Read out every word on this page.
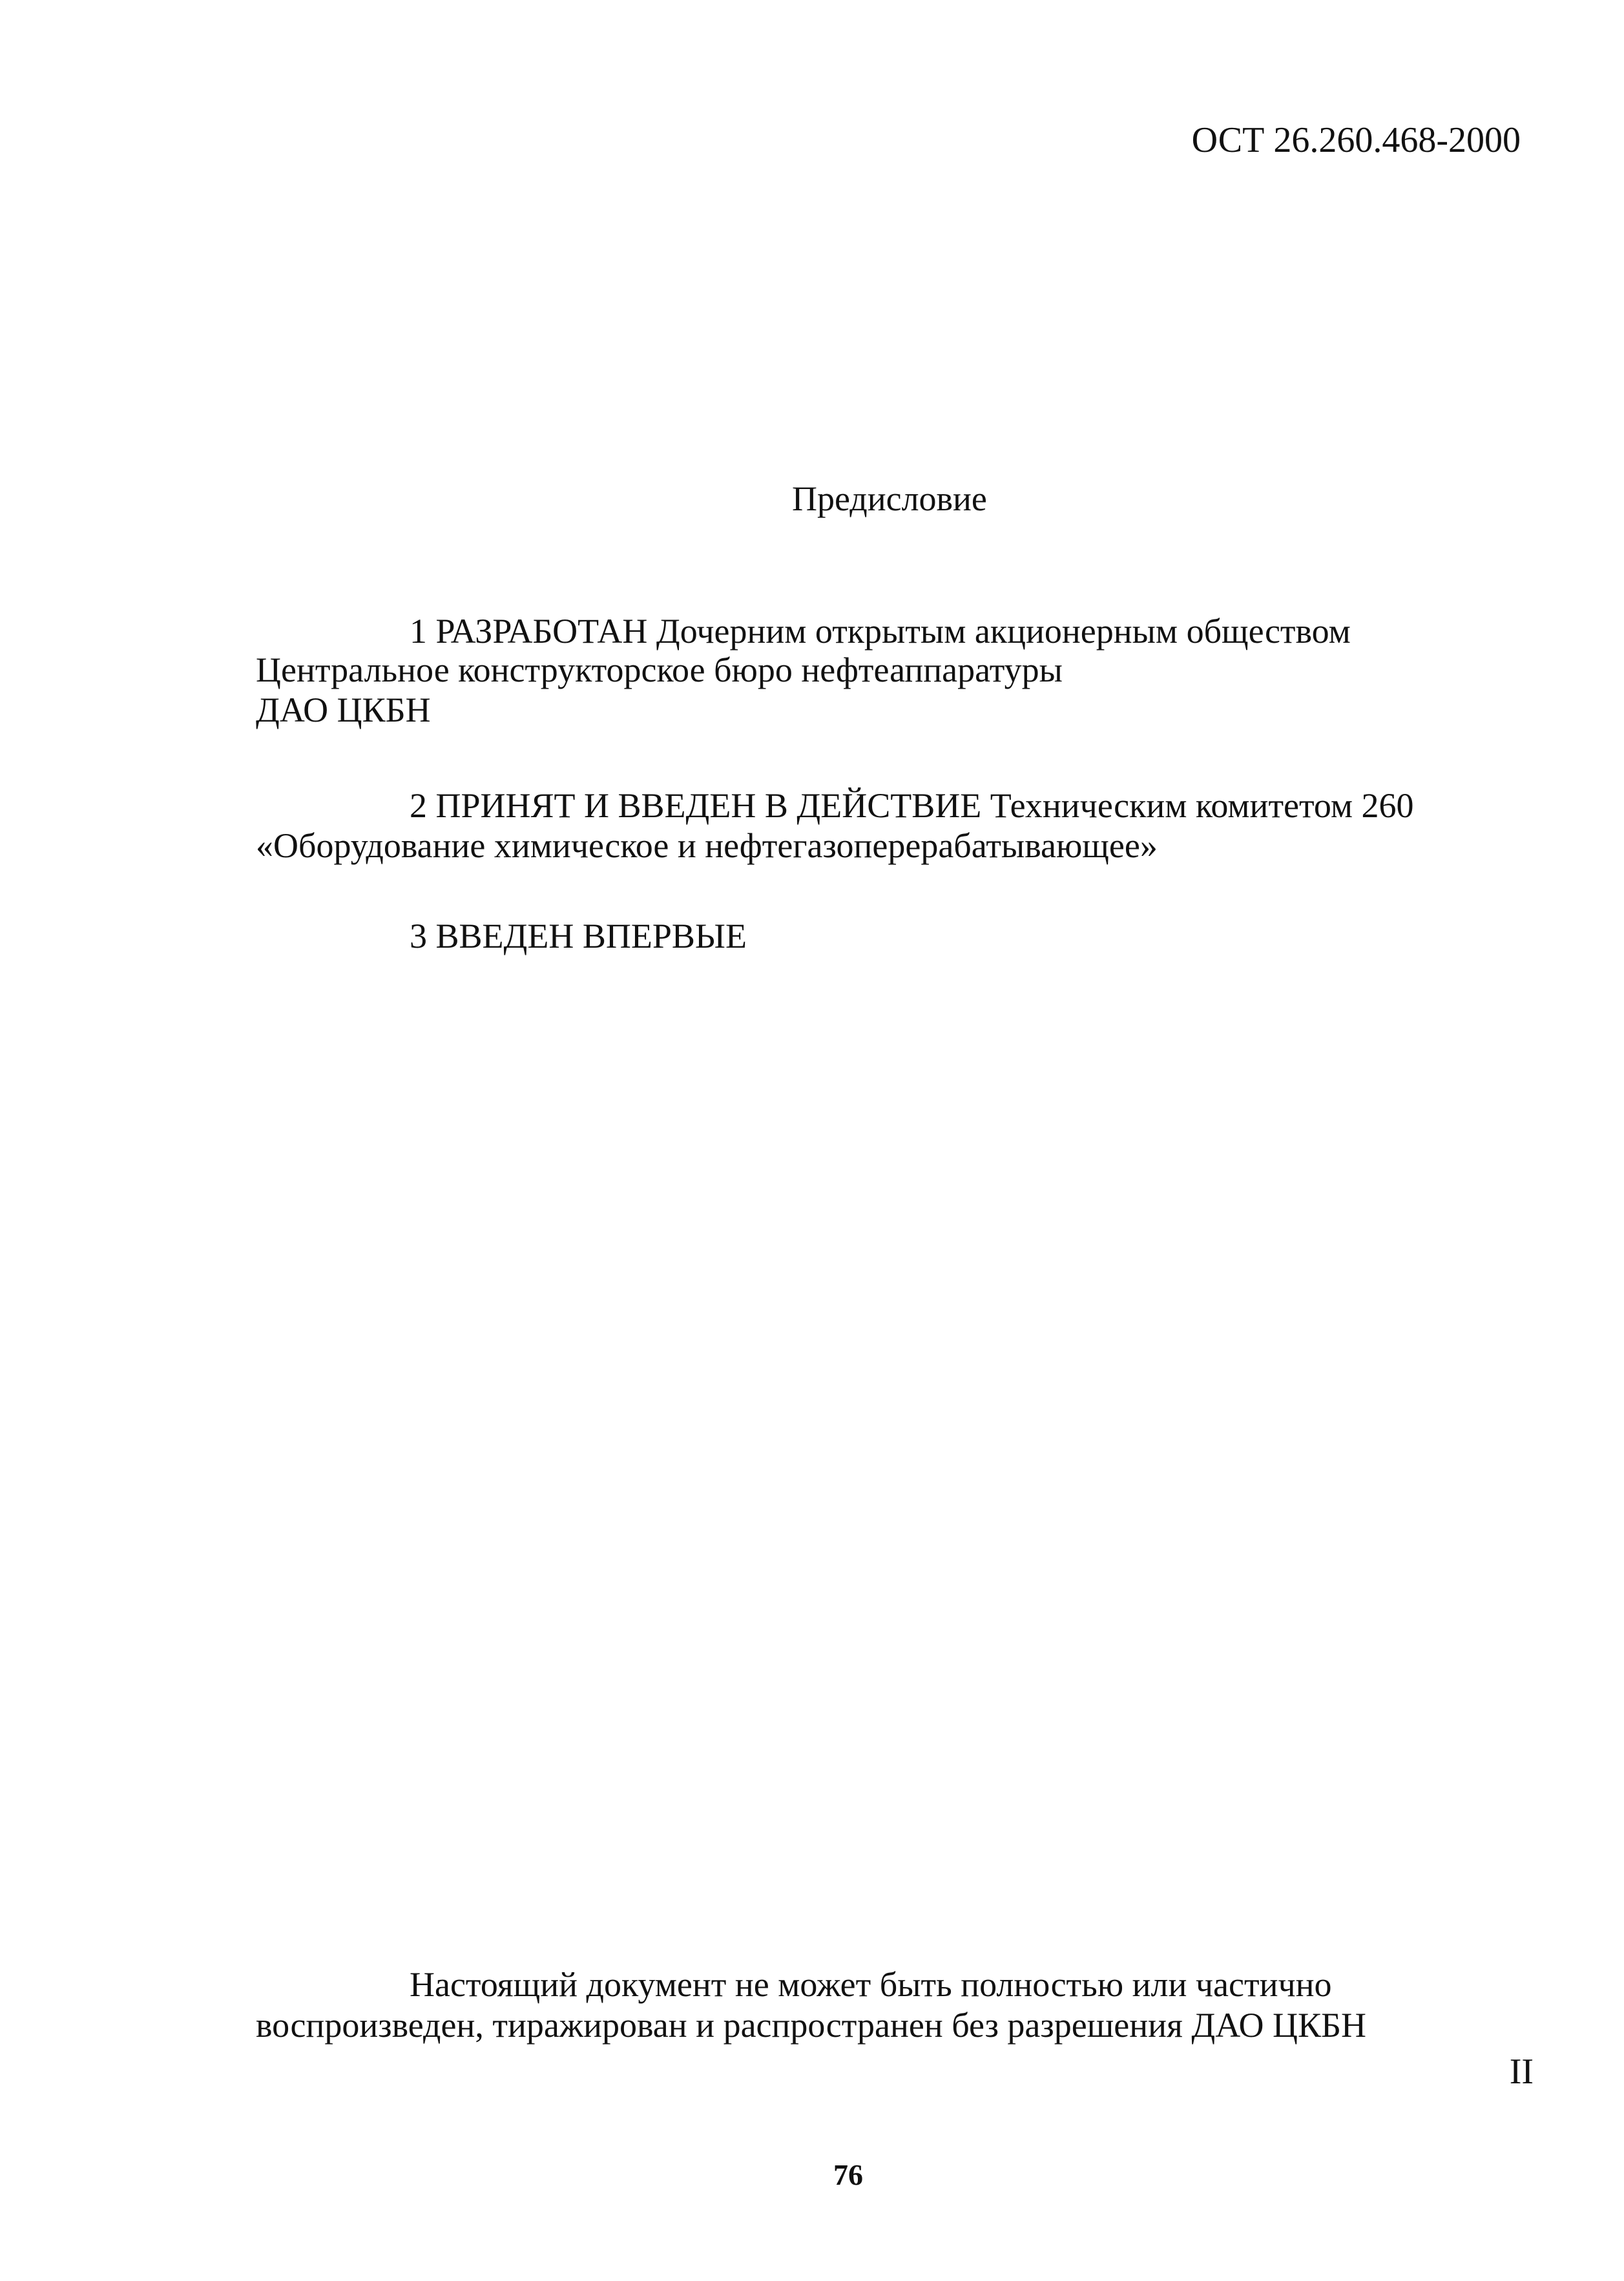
ОСТ 26.260.468-2000

Предисловие

1 РАЗРАБОТАН Дочерним открытым акционерным обществом

Центральное конструкторское бюро нефтеаппаратуры

ДАО ЦКБН

2 ПРИНЯТ И ВВЕДЕН В ДЕЙСТВИЕ Техническим комитетом 260

«Оборудование химическое и нефтегазоперерабатывающее»

3 ВВЕДЕН ВПЕРВЫЕ

Настоящий документ не может быть полностью или частично

воспроизведен, тиражирован и распространен без разрешения ДАО ЦКБН

II

76
